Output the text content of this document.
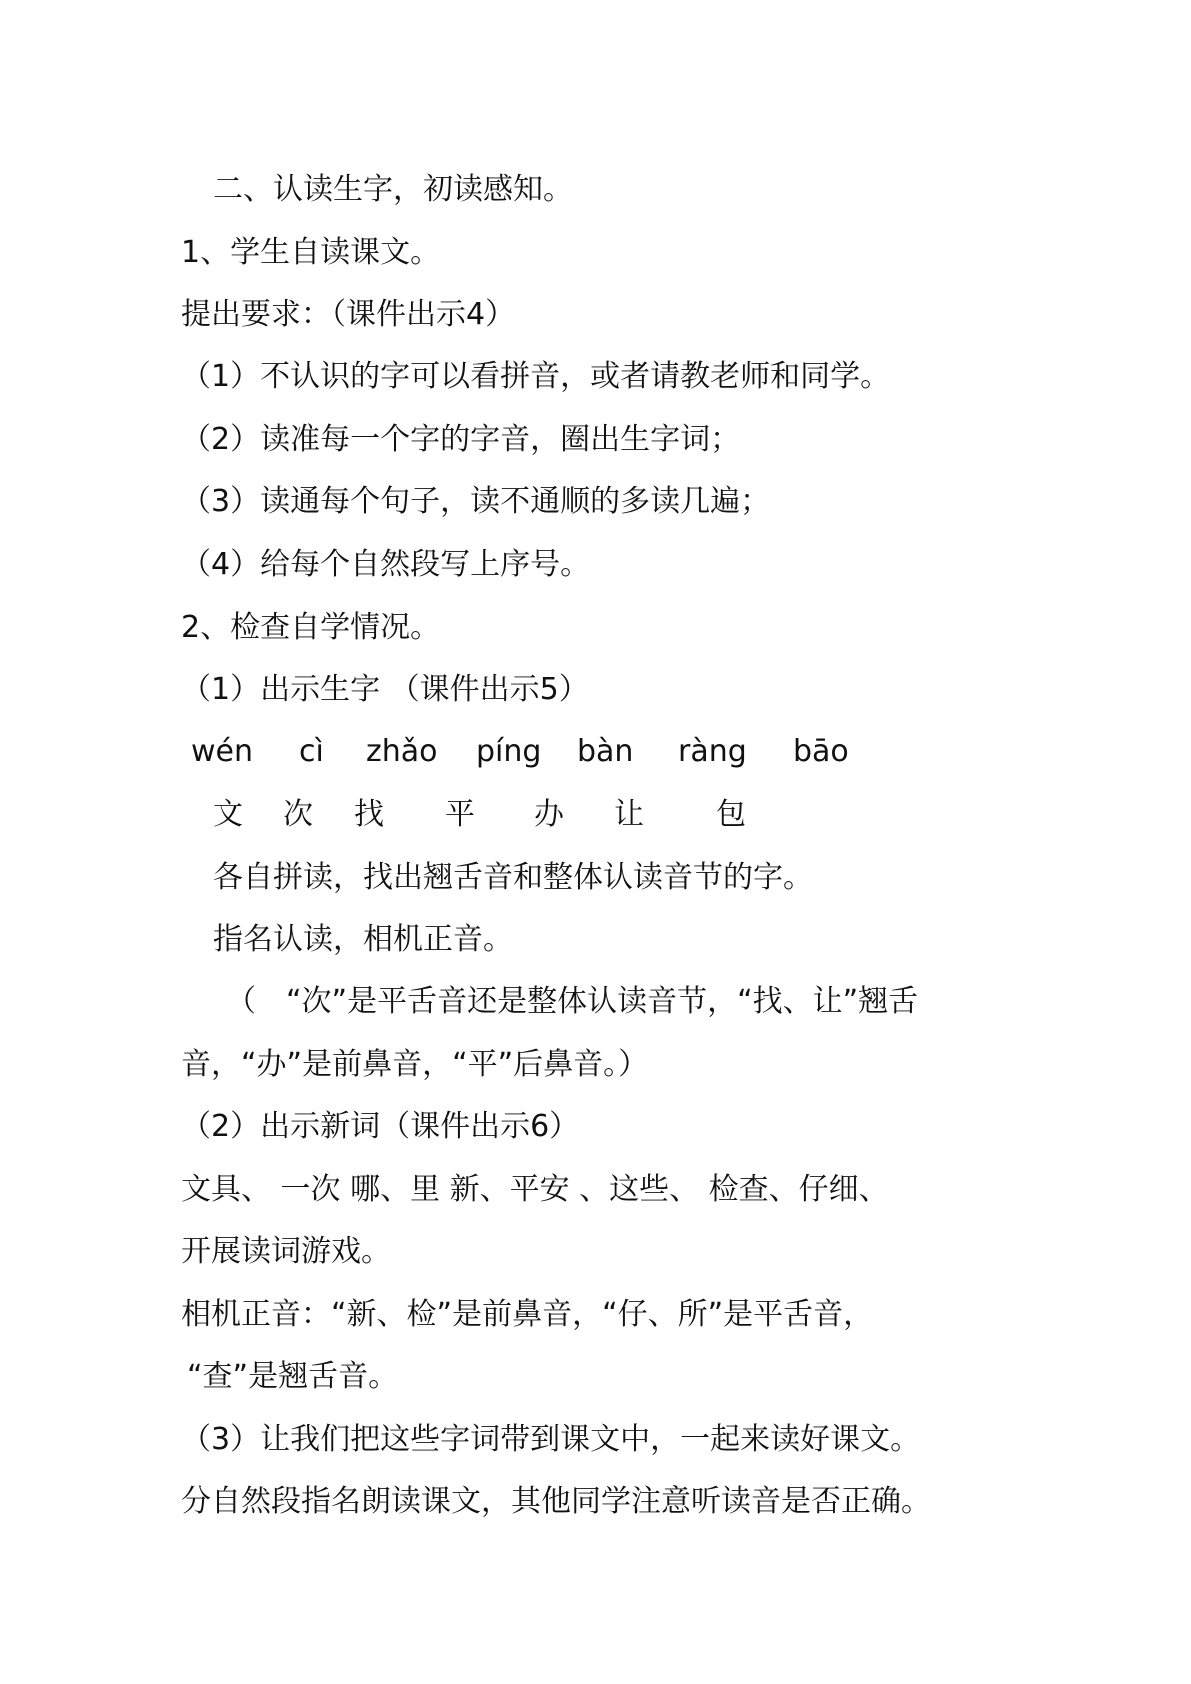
二、认读生字，初读感知。
1、学生自读课文。
提出要求：（课件出示4）
（1）不认识的字可以看拼音，或者请教老师和同学。
（2）读准每一个字的字音，圈出生字词；
（3）读通每个句子，读不通顺的多读几遍；
（4）给每个自然段写上序号。
2、检查自学情况。
（1）出示生字 （课件出示5）
wén cì zhǎo píng bàn ràng bāo
文 次 找 平 办 让 包
各自拼读，找出翘舌音和整体认读音节的字。
指名认读，相机正音。
（　“次”是平舌音还是整体认读音节，“找、让”翘舌
音，“办”是前鼻音，“平”后鼻音。）
（2）出示新词（课件出示6）
文具、 一次 哪、里 新、平安 、这些、 检查、仔细、
开展读词游戏。
相机正音：“新、检”是前鼻音，“仔、所”是平舌音，
“查”是翘舌音。
（3）让我们把这些字词带到课文中，一起来读好课文。
分自然段指名朗读课文，其他同学注意听读音是否正确。
